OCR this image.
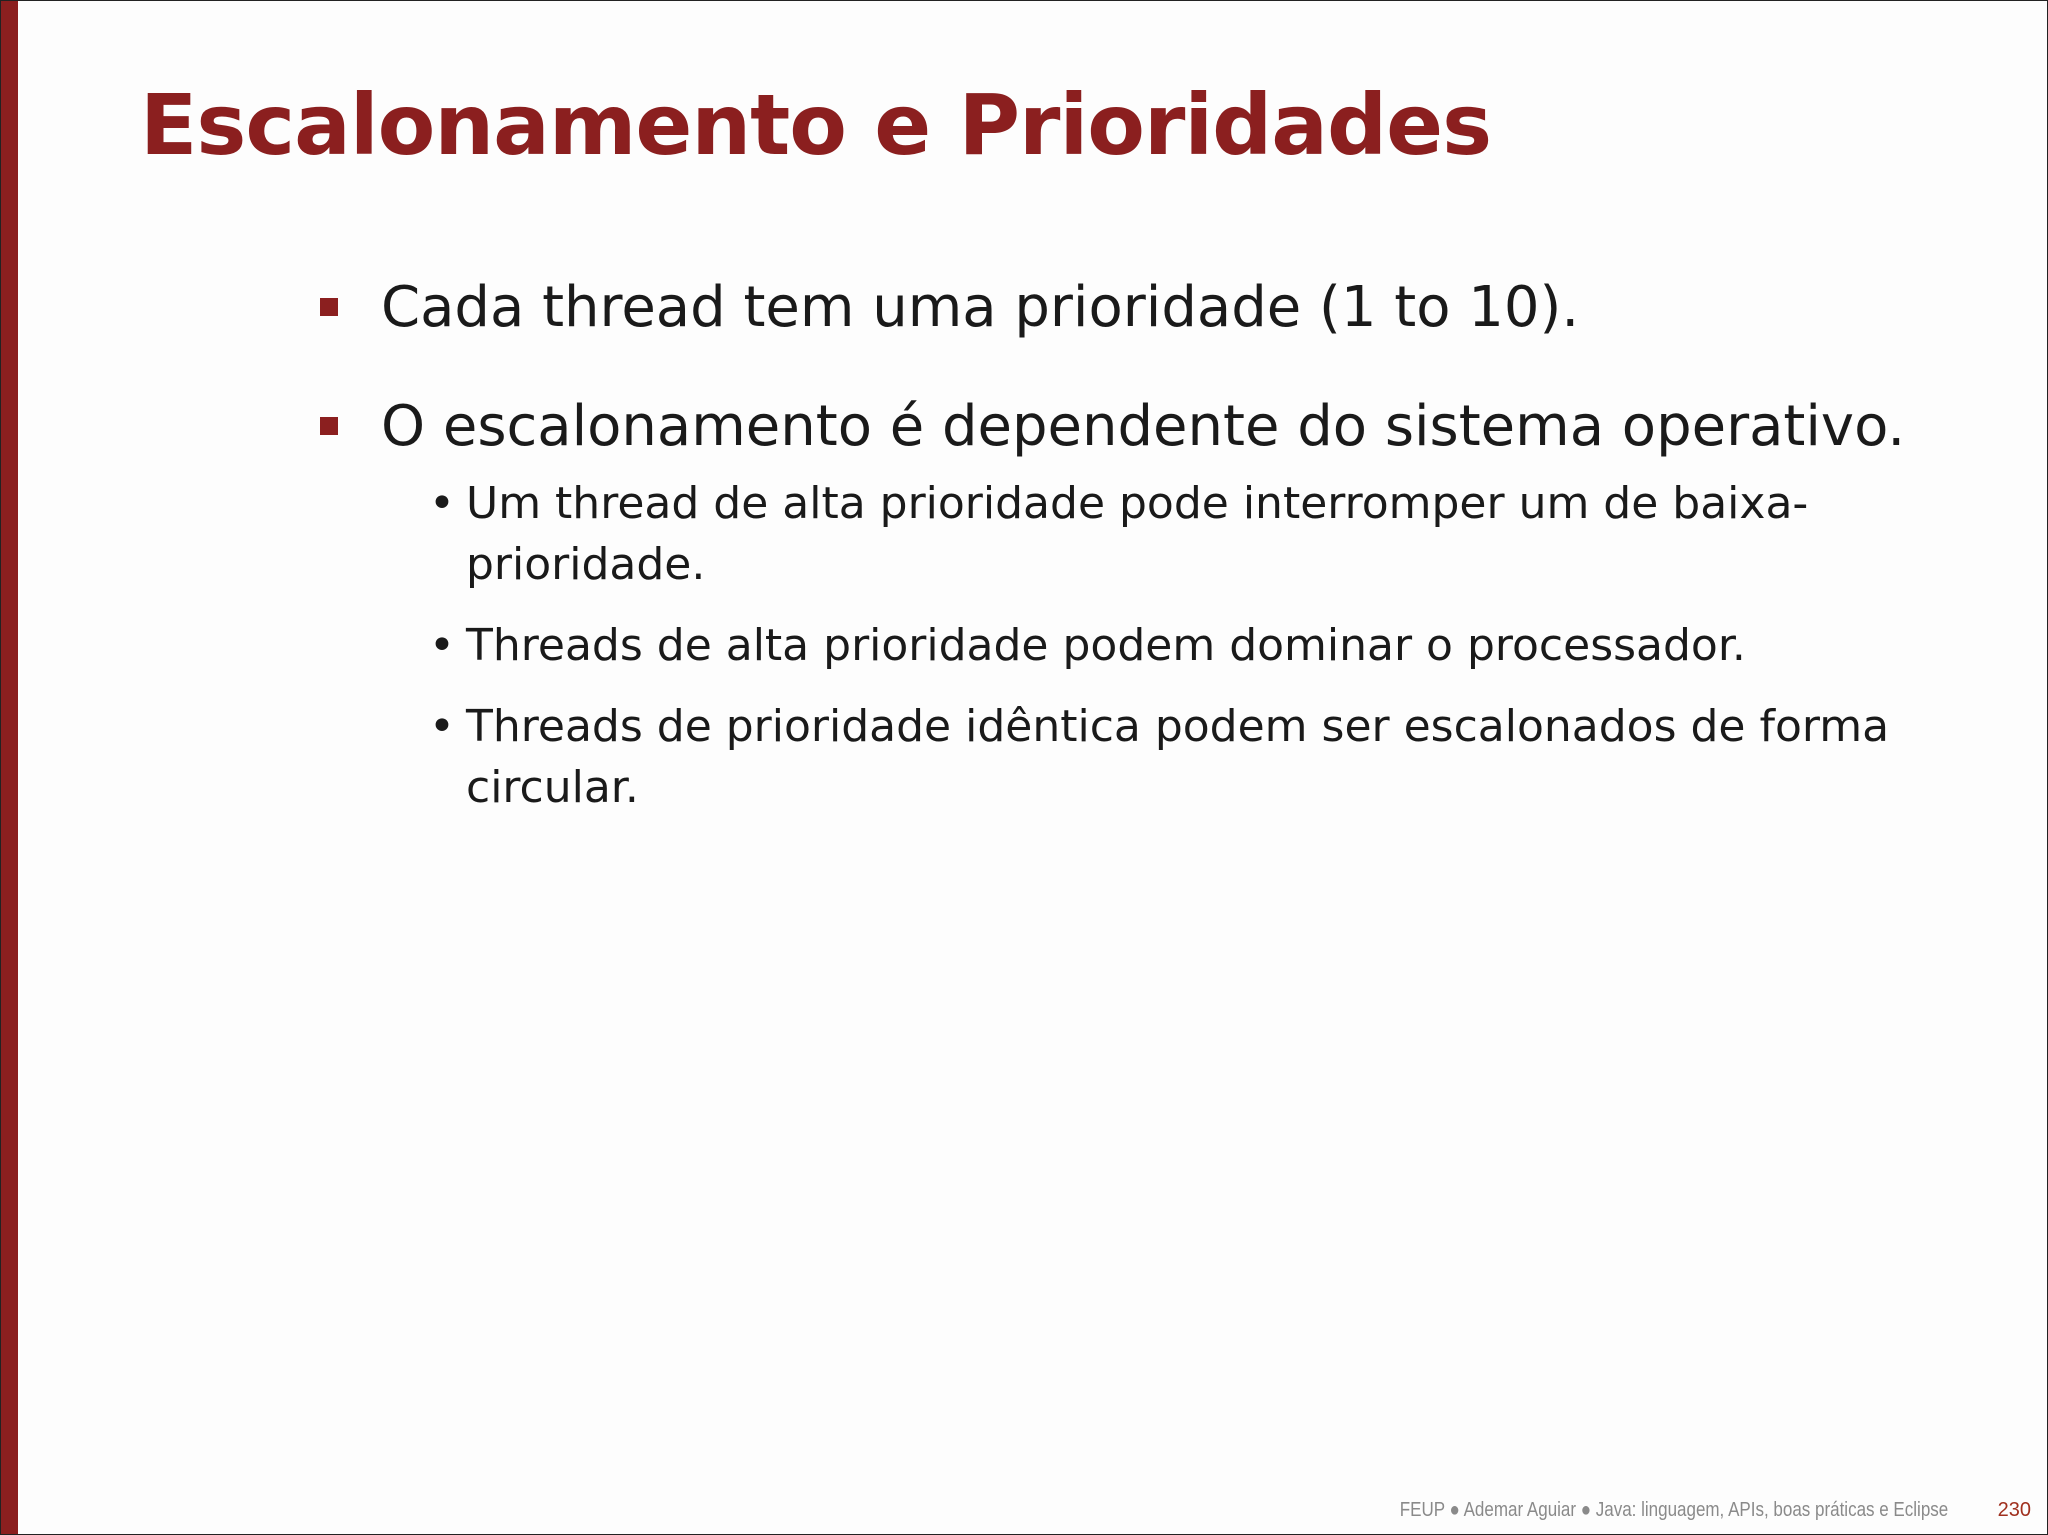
Escalonamento e Prioridades
Cada thread tem uma prioridade (1 to 10).
O escalonamento é dependente do sistema operativo.
• Um thread de alta prioridade pode interromper um de baixa-prioridade.
• Threads de alta prioridade podem dominar o processador.
• Threads de prioridade idêntica podem ser escalonados de forma circular.
FEUP ● Ademar Aguiar ● Java: linguagem, APIs, boas práticas e Eclipse 230
